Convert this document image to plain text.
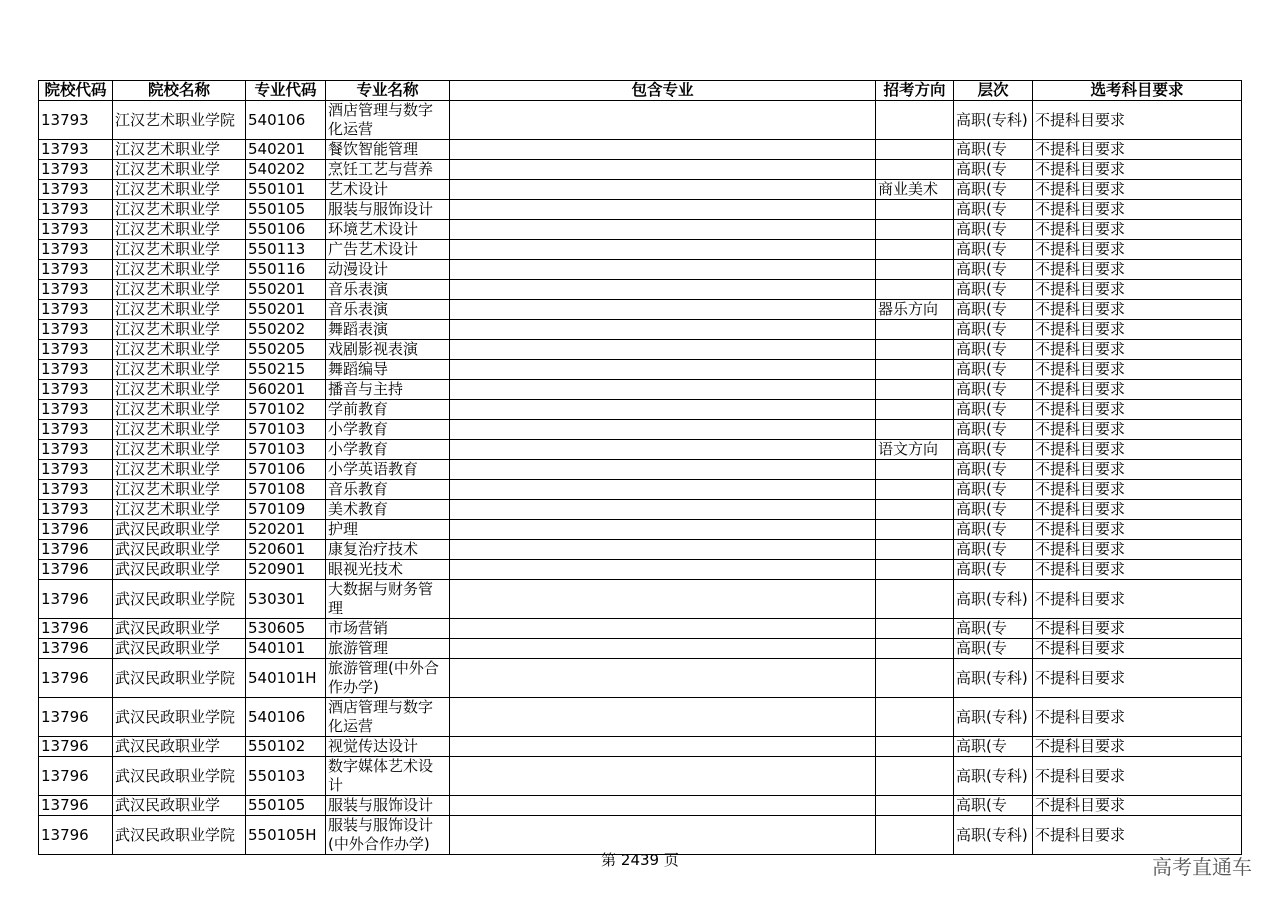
院校代码	院校名称	专业代码	专业名称	包含专业	招考方向	层次	选考科目要求
13793	江汉艺术职业学院	540106	酒店管理与数字化运营			高职(专科)	不提科目要求
13793	江汉艺术职业学	540201	餐饮智能管理			高职(专	不提科目要求
13793	江汉艺术职业学	540202	烹饪工艺与营养			高职(专	不提科目要求
13793	江汉艺术职业学	550101	艺术设计		商业美术	高职(专	不提科目要求
13793	江汉艺术职业学	550105	服装与服饰设计			高职(专	不提科目要求
13793	江汉艺术职业学	550106	环境艺术设计			高职(专	不提科目要求
13793	江汉艺术职业学	550113	广告艺术设计			高职(专	不提科目要求
13793	江汉艺术职业学	550116	动漫设计			高职(专	不提科目要求
13793	江汉艺术职业学	550201	音乐表演			高职(专	不提科目要求
13793	江汉艺术职业学	550201	音乐表演		器乐方向	高职(专	不提科目要求
13793	江汉艺术职业学	550202	舞蹈表演			高职(专	不提科目要求
13793	江汉艺术职业学	550205	戏剧影视表演			高职(专	不提科目要求
13793	江汉艺术职业学	550215	舞蹈编导			高职(专	不提科目要求
13793	江汉艺术职业学	560201	播音与主持			高职(专	不提科目要求
13793	江汉艺术职业学	570102	学前教育			高职(专	不提科目要求
13793	江汉艺术职业学	570103	小学教育			高职(专	不提科目要求
13793	江汉艺术职业学	570103	小学教育		语文方向	高职(专	不提科目要求
13793	江汉艺术职业学	570106	小学英语教育			高职(专	不提科目要求
13793	江汉艺术职业学	570108	音乐教育			高职(专	不提科目要求
13793	江汉艺术职业学	570109	美术教育			高职(专	不提科目要求
13796	武汉民政职业学	520201	护理			高职(专	不提科目要求
13796	武汉民政职业学	520601	康复治疗技术			高职(专	不提科目要求
13796	武汉民政职业学	520901	眼视光技术			高职(专	不提科目要求
13796	武汉民政职业学院	530301	大数据与财务管理			高职(专科)	不提科目要求
13796	武汉民政职业学	530605	市场营销			高职(专	不提科目要求
13796	武汉民政职业学	540101	旅游管理			高职(专	不提科目要求
13796	武汉民政职业学院	540101H	旅游管理(中外合作办学)			高职(专科)	不提科目要求
13796	武汉民政职业学院	540106	酒店管理与数字化运营			高职(专科)	不提科目要求
13796	武汉民政职业学	550102	视觉传达设计			高职(专	不提科目要求
13796	武汉民政职业学院	550103	数字媒体艺术设计			高职(专科)	不提科目要求
13796	武汉民政职业学	550105	服装与服饰设计			高职(专	不提科目要求
13796	武汉民政职业学院	550105H	服装与服饰设计(中外合作办学)			高职(专科)	不提科目要求
第 2439 页	高考直通车
